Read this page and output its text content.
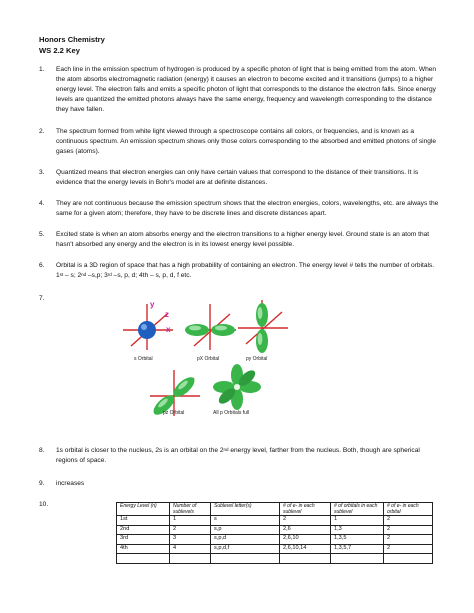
Honors Chemistry
WS 2.2 Key
1.	Each line in the emission spectrum of hydrogen is produced by a specific photon of light that is being emitted from the atom. When the atom absorbs electromagnetic radiation (energy) it causes an electron to become excited and it transitions (jumps) to a higher energy level. The electron falls and emits a specific photon of light that corresponds to the distance the electron falls. Since energy levels are quantized the emitted photons always have the same energy, frequency and wavelength corresponding to the distance they have fallen.
2.	The spectrum formed from white light viewed through a spectroscope contains all colors, or frequencies, and is known as a continuous spectrum. An emission spectrum shows only those colors corresponding to the absorbed and emitted photons of single gases (atoms).
3.	Quantized means that electron energies can only have certain values that correspond to the distance of their transitions. It is evidence that the energy levels in Bohr's model are at definite distances.
4.	They are not continuous because the emission spectrum shows that the electron energies, colors, wavelengths, etc. are always the same for a given atom; therefore, they have to be discrete lines and discrete distances apart.
5.	Excited state is when an atom absorbs energy and the electron transitions to a higher energy level. Ground state is an atom that hasn't absorbed any energy and the electron is in its lowest energy level possible.
6.	Orbital is a 3D region of space that has a high probability of containing an electron. The energy level # tells the number of orbitals. 1st – s; 2nd –s,p; 3rd –s, p, d; 4th – s, p, d, f etc.
7.
y
z
x
s Orbital	pX Orbital	py Orbital
pz Orbital	All p Orbitals full
8.	1s orbital is closer to the nucleus, 2s is an orbital on the 2nd energy level, farther from the nucleus. Both, though are spherical regions of space.
9.	increases
10.	Energy Level (n)	Number of sublevels	Sublevel letter(s)	# of e- in each sublevel	# of orbitals in each sublevel	# of e- in each orbital
1st	1	s	2	1	2
2nd	2	s,p	2,6	1,3	2
3rd	3	s,p,d	2,6,10	1,3,5	2
4th	4	s,p,d,f	2,6,10,14	1,3,5,7	2
